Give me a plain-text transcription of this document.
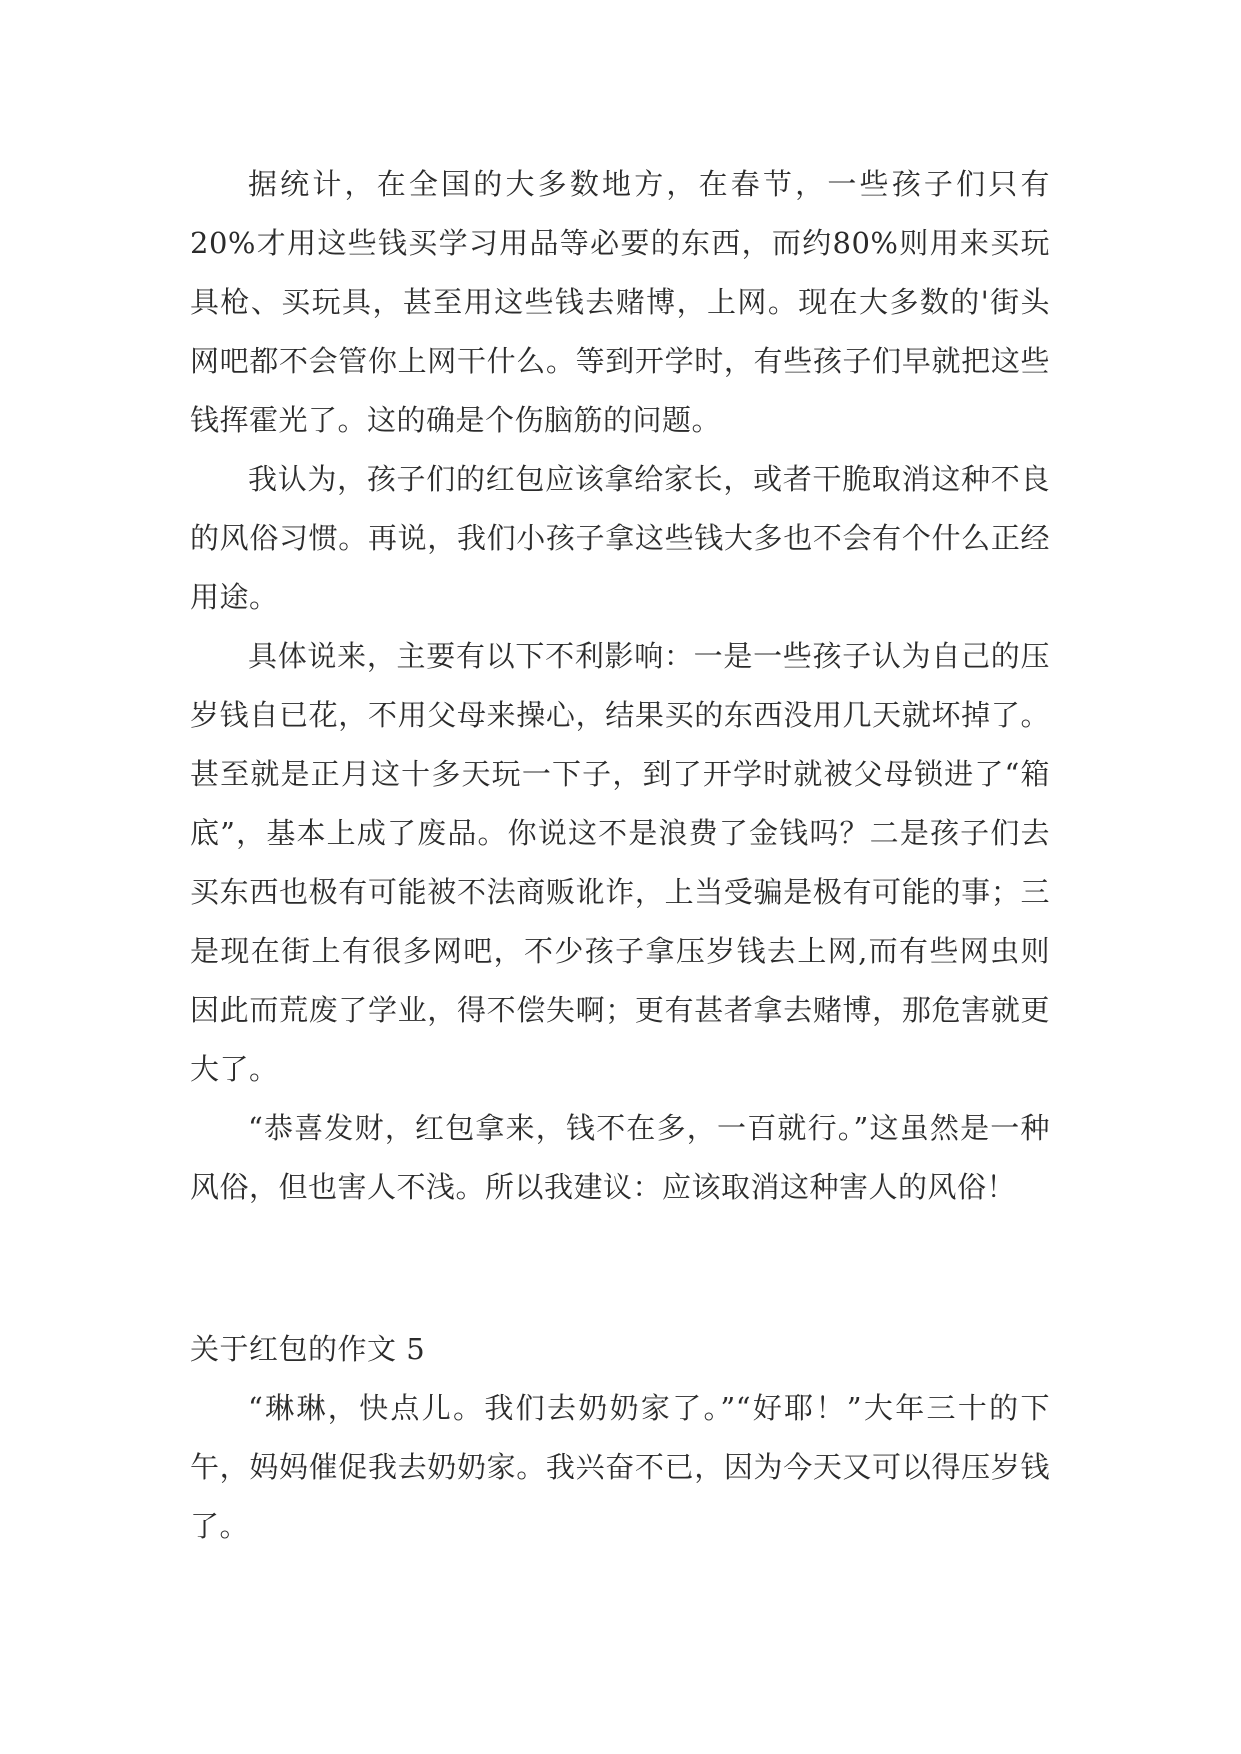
据统计，在全国的大多数地方，在春节，一些孩子们只有20%才用这些钱买学习用品等必要的东西，而约80%则用来买玩具枪、买玩具，甚至用这些钱去赌博，上网。现在大多数的'街头网吧都不会管你上网干什么。等到开学时，有些孩子们早就把这些钱挥霍光了。这的确是个伤脑筋的问题。

我认为，孩子们的红包应该拿给家长，或者干脆取消这种不良的风俗习惯。再说，我们小孩子拿这些钱大多也不会有个什么正经用途。

具体说来，主要有以下不利影响：一是一些孩子认为自己的压岁钱自已花，不用父母来操心，结果买的东西没用几天就坏掉了。甚至就是正月这十多天玩一下子，到了开学时就被父母锁进了“箱底”，基本上成了废品。你说这不是浪费了金钱吗？二是孩子们去买东西也极有可能被不法商贩讹诈，上当受骗是极有可能的事；三是现在街上有很多网吧，不少孩子拿压岁钱去上网,而有些网虫则因此而荒废了学业，得不偿失啊；更有甚者拿去赌博，那危害就更大了。

“恭喜发财，红包拿来，钱不在多，一百就行。”这虽然是一种风俗，但也害人不浅。所以我建议：应该取消这种害人的风俗！

关于红包的作文 5

“琳琳，快点儿。我们去奶奶家了。”“好耶！”大年三十的下午，妈妈催促我去奶奶家。我兴奋不已，因为今天又可以得压岁钱了。
